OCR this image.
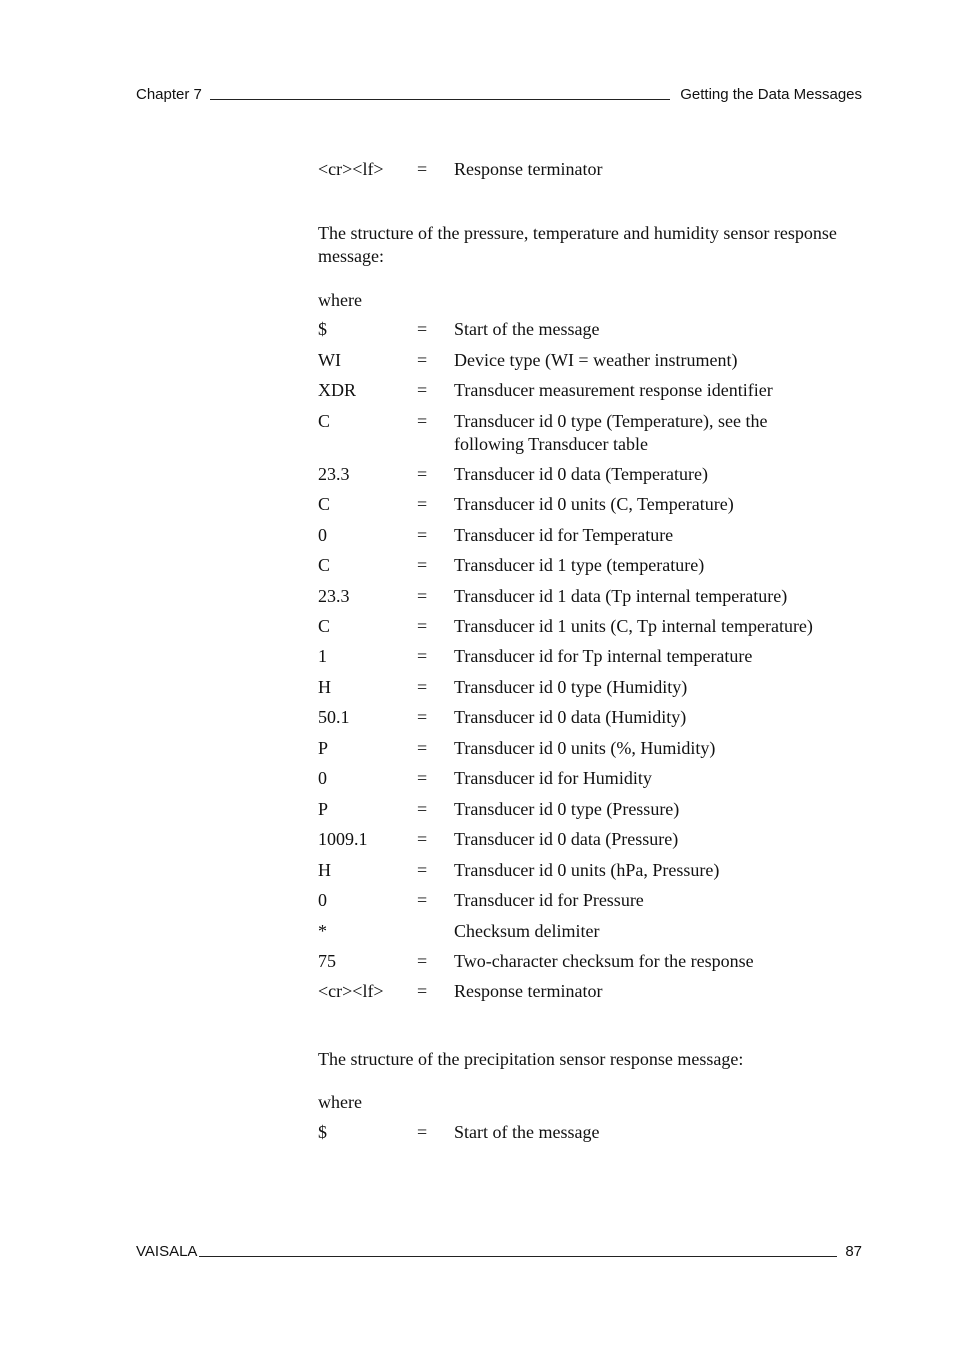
Chapter 7	Getting the Data Messages
<cr><lf>	= Response terminator
The structure of the pressure, temperature and humidity sensor response message:
where
$	= Start of the message
WI	= Device type (WI = weather instrument)
XDR	= Transducer measurement response identifier
C	= Transducer id 0 type (Temperature), see the
following Transducer table
23.3	= Transducer id 0 data (Temperature)
C	= Transducer id 0 units (C, Temperature)
0	= Transducer id for Temperature
C	= Transducer id 1 type (temperature)
23.3	= Transducer id 1 data (Tp internal temperature)
C	= Transducer id 1 units (C, Tp internal temperature)
1	= Transducer id for Tp internal temperature
H	= Transducer id 0 type (Humidity)
50.1	= Transducer id 0 data (Humidity)
P	= Transducer id 0 units (%, Humidity)
0	= Transducer id for Humidity
P	= Transducer id 0 type (Pressure)
1009.1	= Transducer id 0 data (Pressure)
H	= Transducer id 0 units (hPa, Pressure)
0	= Transducer id for Pressure
*	Checksum delimiter
75	= Two-character checksum for the response
<cr><lf>	= Response terminator
The structure of the precipitation sensor response message:
where
$	= Start of the message
VAISALA	87
